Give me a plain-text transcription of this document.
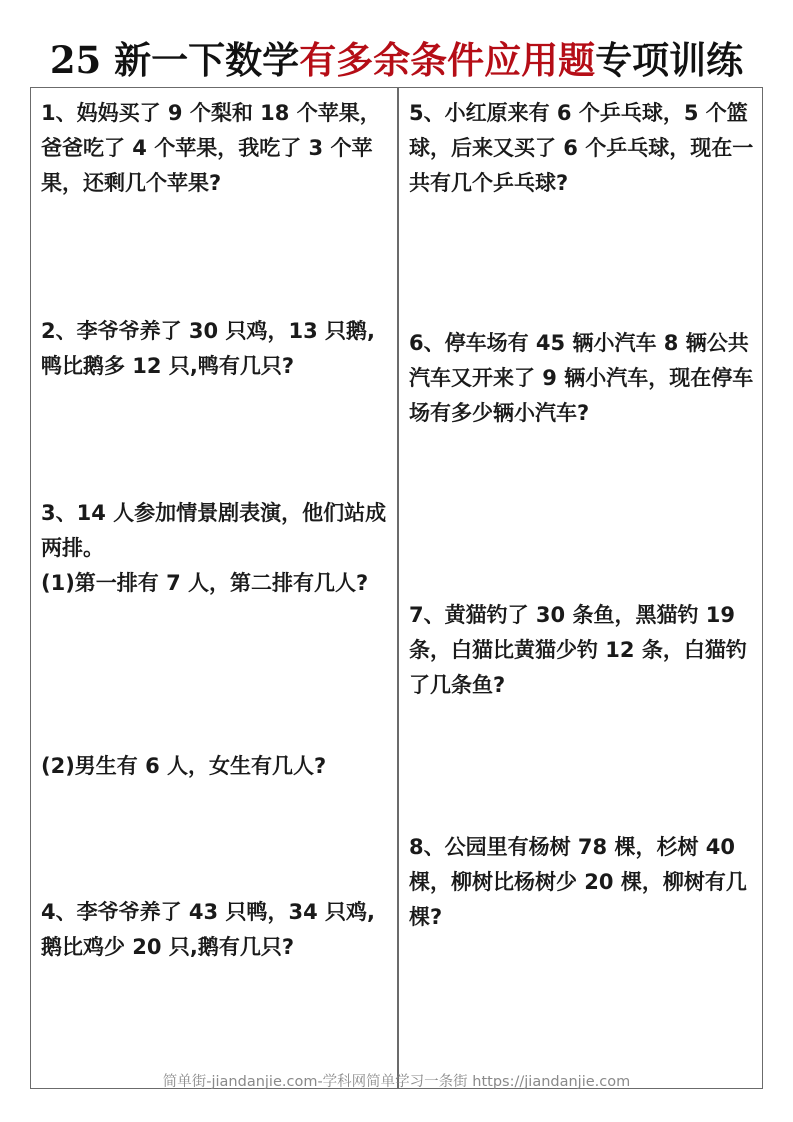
25 新一下数学有多余条件应用题专项训练

1、妈妈买了 9 个梨和 18 个苹果，爸爸吃了 4 个苹果，我吃了 3 个苹果，还剩几个苹果?

2、李爷爷养了 30 只鸡，13 只鹅,鸭比鹅多 12 只,鸭有几只?

3、14 人参加情景剧表演，他们站成两排。

(1)第一排有 7 人，第二排有几人?

(2)男生有 6 人，女生有几人?

4、李爷爷养了 43 只鸭，34 只鸡,鹅比鸡少 20 只,鹅有几只?

5、小红原来有 6 个乒乓球，5 个篮球，后来又买了 6 个乒乓球，现在一共有几个乒乓球?

6、停车场有 45 辆小汽车 8 辆公共汽车又开来了 9 辆小汽车，现在停车场有多少辆小汽车?

7、黄猫钓了 30 条鱼，黑猫钓 19 条，白猫比黄猫少钓 12 条，白猫钓了几条鱼?

8、公园里有杨树 78 棵，杉树 40 棵，柳树比杨树少 20 棵，柳树有几棵?

简单街-jiandanjie.com-学科网简单学习一条街 https://jiandanjie.com
